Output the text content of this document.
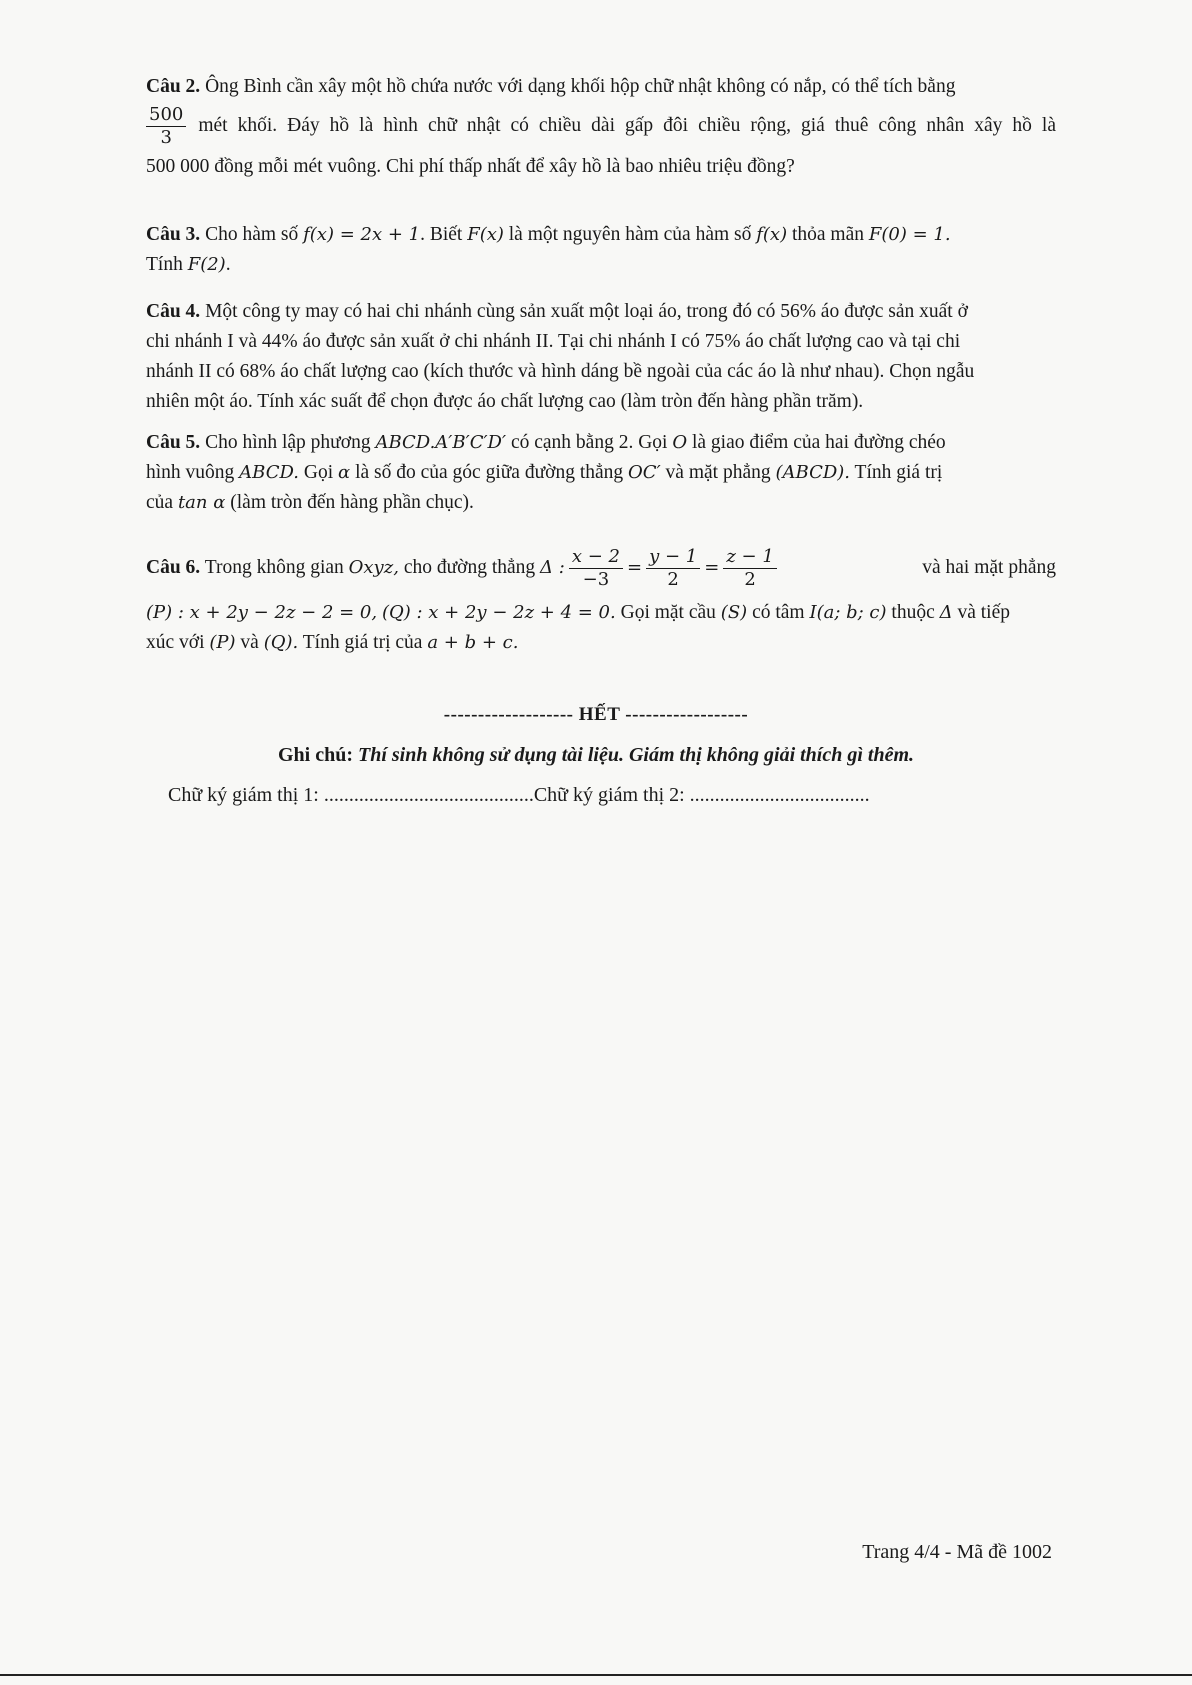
Câu 2. Ông Bình cần xây một hồ chứa nước với dạng khối hộp chữ nhật không có nắp, có thể tích bằng
$\frac{500}{3}$ mét khối. Đáy hồ là hình chữ nhật có chiều dài gấp đôi chiều rộng, giá thuê công nhân xây hồ là
500 000 đồng mỗi mét vuông. Chi phí thấp nhất để xây hồ là bao nhiêu triệu đồng?
Câu 3. Cho hàm số f(x) = 2x + 1. Biết F(x) là một nguyên hàm của hàm số f(x) thỏa mãn F(0) = 1.
Tính F(2).
Câu 4. Một công ty may có hai chi nhánh cùng sản xuất một loại áo, trong đó có 56% áo được sản xuất ở
chi nhánh I và 44% áo được sản xuất ở chi nhánh II. Tại chi nhánh I có 75% áo chất lượng cao và tại chi
nhánh II có 68% áo chất lượng cao (kích thước và hình dáng bề ngoài của các áo là như nhau). Chọn ngẫu
nhiên một áo. Tính xác suất để chọn được áo chất lượng cao (làm tròn đến hàng phần trăm).
Câu 5. Cho hình lập phương ABCD.A′B′C′D′ có cạnh bằng 2. Gọi O là giao điểm của hai đường chéo
hình vuông ABCD. Gọi α là số đo của góc giữa đường thẳng OC′ và mặt phẳng (ABCD). Tính giá trị
của tan α (làm tròn đến hàng phần chục).
Câu 6. Trong không gian Oxyz, cho đường thẳng Δ : $\frac{x - 2}{-3} = \frac{y - 1}{2} = \frac{z - 1}{2}$	và hai mặt phẳng
(P) : x + 2y − 2z − 2 = 0, (Q) : x + 2y − 2z + 4 = 0. Gọi mặt cầu (S) có tâm I(a; b; c) thuộc Δ và tiếp
xúc với (P) và (Q). Tính giá trị của a + b + c.
------------------- HẾT ------------------
Ghi chú: Thí sinh không sử dụng tài liệu. Giám thị không giải thích gì thêm.
Chữ ký giám thị 1: ..........................................Chữ ký giám thị 2: ....................................
Trang 4/4 - Mã đề 1002
